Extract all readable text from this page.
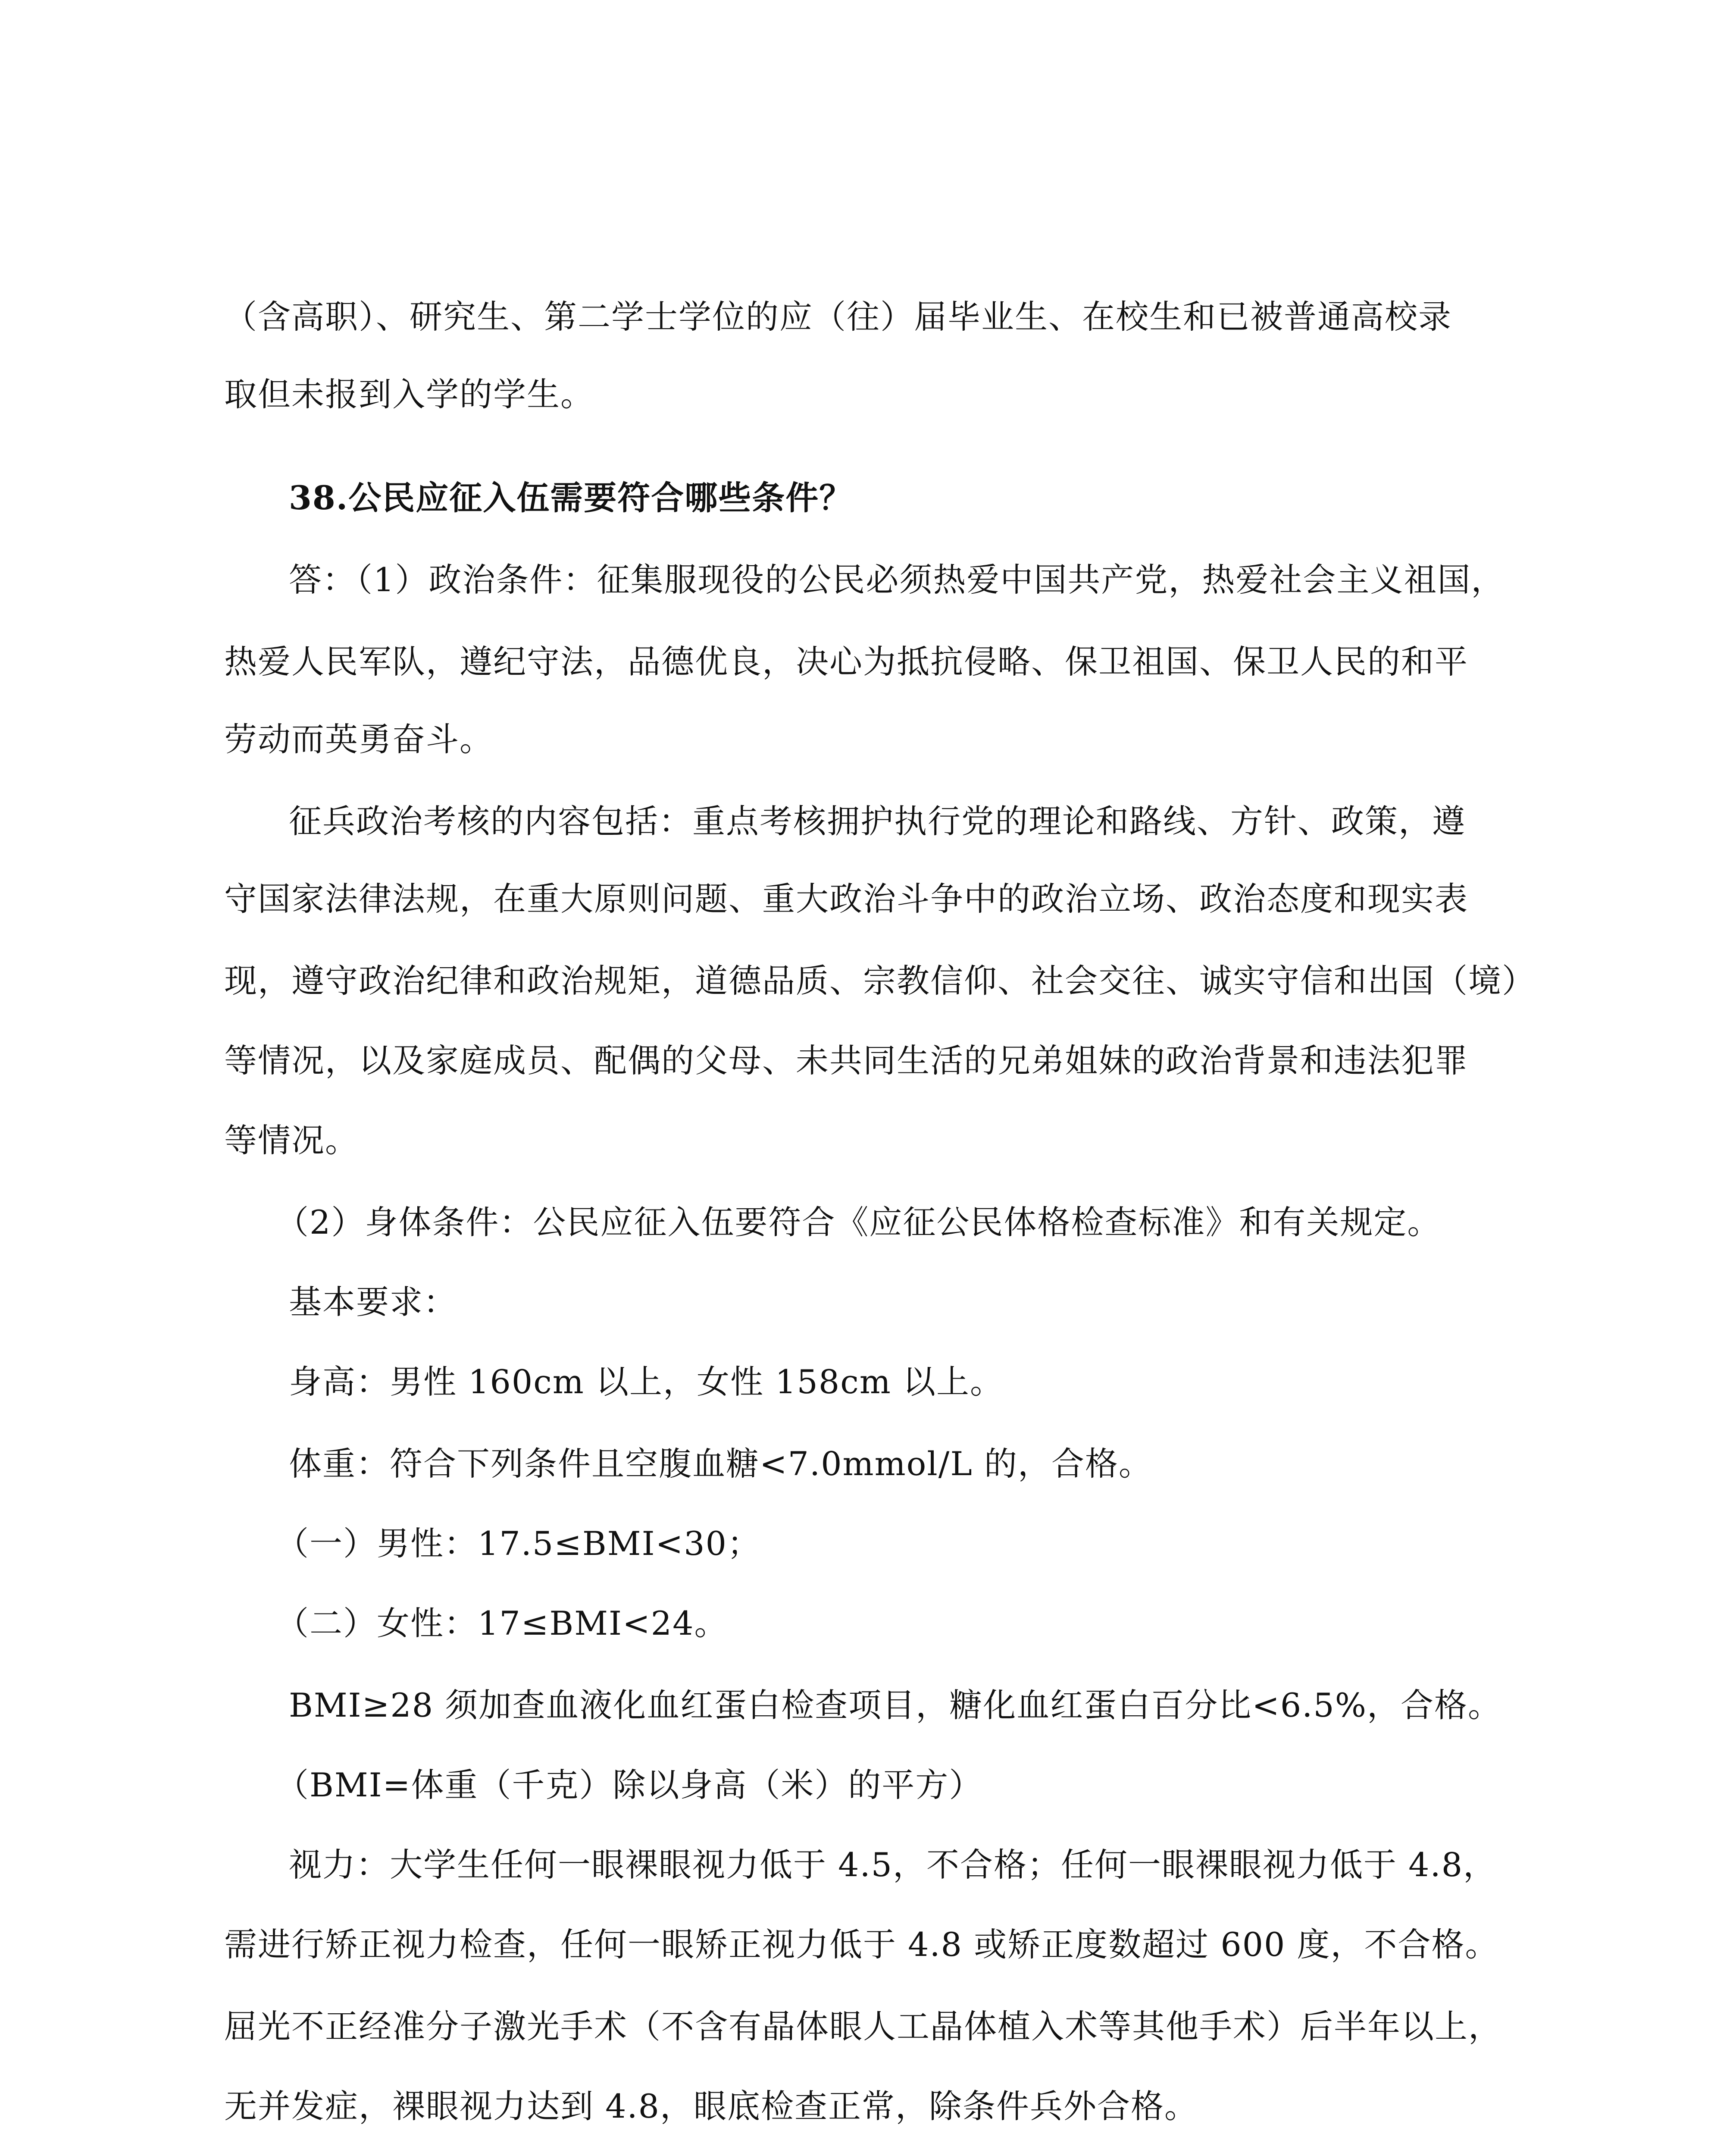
（含高职）、研究生、第二学士学位的应（往）届毕业生、在校生和已被普通高校录
取但未报到入学的学生。
38.公民应征入伍需要符合哪些条件？
答：（1）政治条件：征集服现役的公民必须热爱中国共产党，热爱社会主义祖国，
热爱人民军队，遵纪守法，品德优良，决心为抵抗侵略、保卫祖国、保卫人民的和平
劳动而英勇奋斗。
征兵政治考核的内容包括：重点考核拥护执行党的理论和路线、方针、政策，遵
守国家法律法规，在重大原则问题、重大政治斗争中的政治立场、政治态度和现实表
现，遵守政治纪律和政治规矩，道德品质、宗教信仰、社会交往、诚实守信和出国（境）
等情况，以及家庭成员、配偶的父母、未共同生活的兄弟姐妹的政治背景和违法犯罪
等情况。
（2）身体条件：公民应征入伍要符合《应征公民体格检查标准》和有关规定。
基本要求：
身高：男性 160cm 以上，女性 158cm 以上。
体重：符合下列条件且空腹血糖<7.0mmol/L 的，合格。
（一）男性：17.5≤BMI<30；
（二）女性：17≤BMI<24。
BMI≥28 须加查血液化血红蛋白检查项目，糖化血红蛋白百分比<6.5%，合格。
（BMI=体重（千克）除以身高（米）的平方）
视力：大学生任何一眼裸眼视力低于 4.5，不合格；任何一眼裸眼视力低于 4.8，
需进行矫正视力检查，任何一眼矫正视力低于 4.8 或矫正度数超过 600 度，不合格。
屈光不正经准分子激光手术（不含有晶体眼人工晶体植入术等其他手术）后半年以上，
无并发症，裸眼视力达到 4.8，眼底检查正常，除条件兵外合格。
